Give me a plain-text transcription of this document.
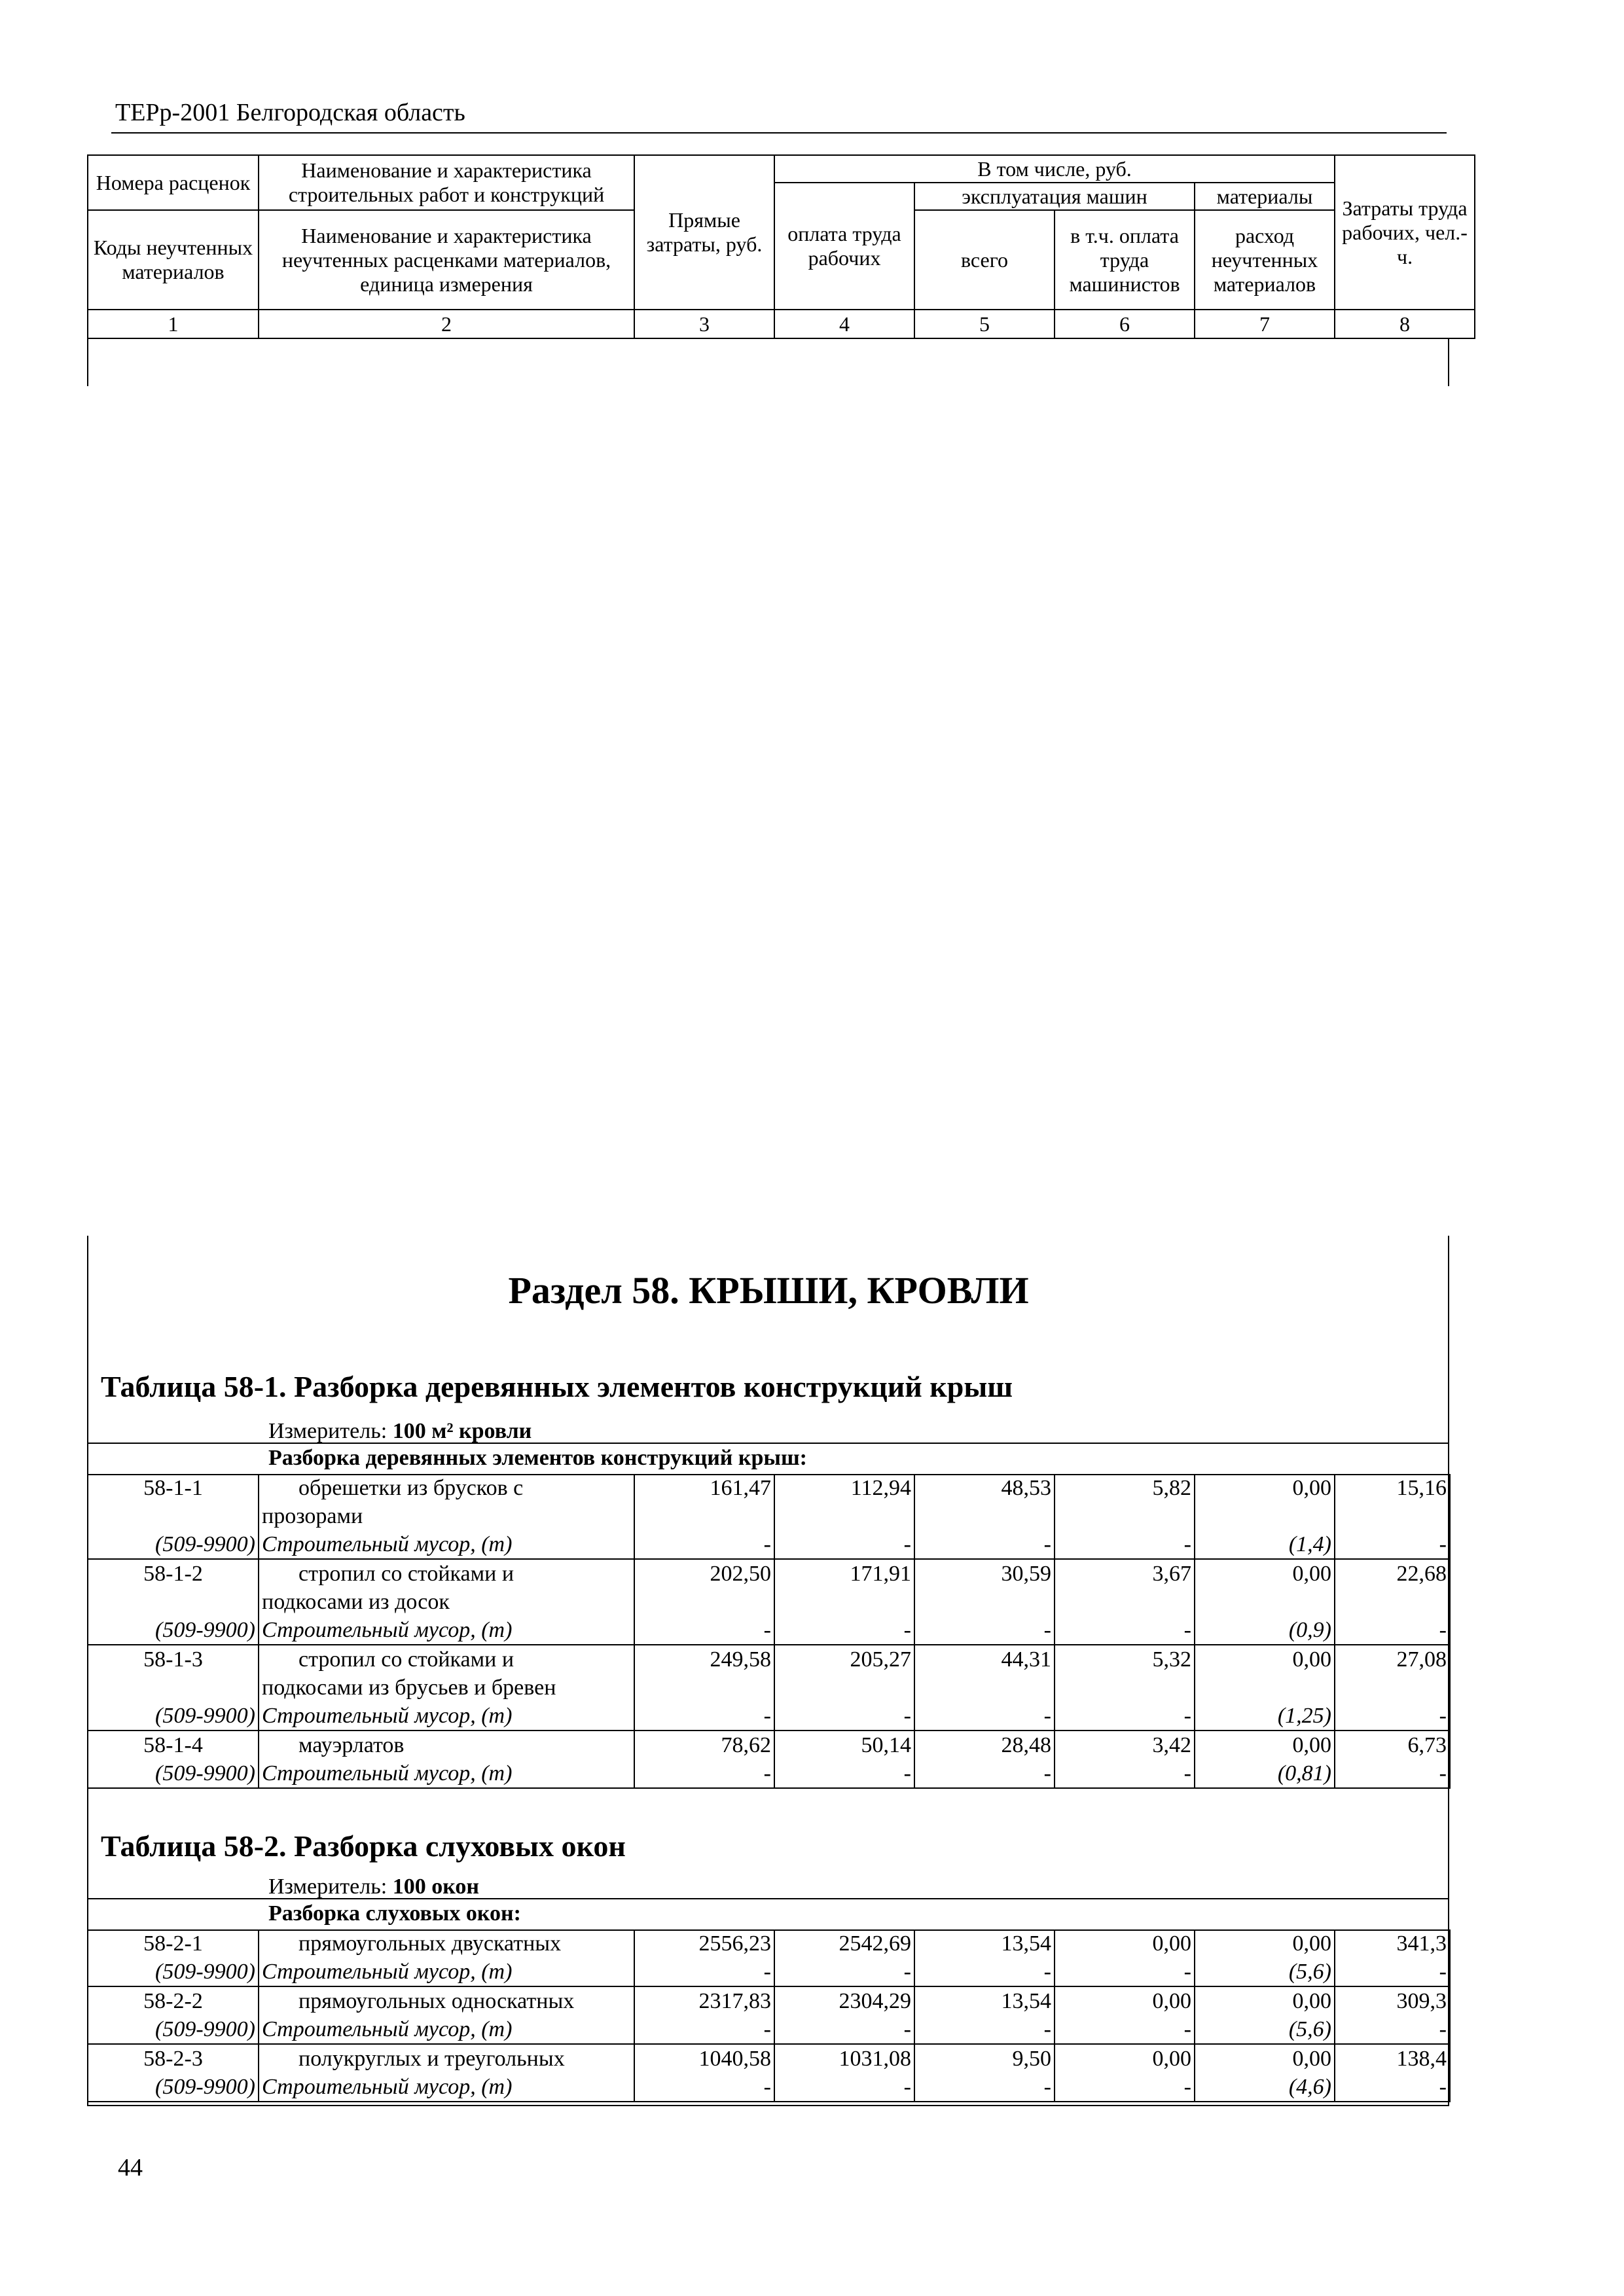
ТЕРр-2001 Белгородская область
Номера расценок	Наименование и характеристика строительных работ и конструкций	Прямые затраты, руб.	В том числе, руб.				Затраты труда рабочих, чел.-ч.
			оплата труда рабочих	эксплуатация машин		материалы	
Коды неучтенных материалов	Наименование и характеристика неучтенных расценками материалов, единица измерения			всего	в т.ч. оплата труда машинистов	расход неучтенных материалов	
1	2	3	4	5	6	7	8
Раздел 58. КРЫШИ, КРОВЛИ
Таблица 58-1. Разборка деревянных элементов конструкций крыш
Измеритель: 100 м² кровли
Разборка деревянных элементов конструкций крыш:
58-1-1	обрешетки из брусков с	161,47	112,94	48,53	5,82	0,00	15,16
	прозорами						
(509-9900)	Строительный мусор, (т)	-	-	-	-	(1,4)	-
58-1-2	стропил со стойками и	202,50	171,91	30,59	3,67	0,00	22,68
	подкосами из досок						
(509-9900)	Строительный мусор, (т)	-	-	-	-	(0,9)	-
58-1-3	стропил со стойками и	249,58	205,27	44,31	5,32	0,00	27,08
	подкосами из брусьев и бревен						
(509-9900)	Строительный мусор, (т)	-	-	-	-	(1,25)	-
58-1-4	мауэрлатов	78,62	50,14	28,48	3,42	0,00	6,73
(509-9900)	Строительный мусор, (т)	-	-	-	-	(0,81)	-
Таблица 58-2. Разборка слуховых окон
Измеритель: 100 окон
Разборка слуховых окон:
58-2-1	прямоугольных двускатных	2556,23	2542,69	13,54	0,00	0,00	341,3
(509-9900)	Строительный мусор, (т)	-	-	-	-	(5,6)	-
58-2-2	прямоугольных односкатных	2317,83	2304,29	13,54	0,00	0,00	309,3
(509-9900)	Строительный мусор, (т)	-	-	-	-	(5,6)	-
58-2-3	полукруглых и треугольных	1040,58	1031,08	9,50	0,00	0,00	138,4
(509-9900)	Строительный мусор, (т)	-	-	-	-	(4,6)	-
44
